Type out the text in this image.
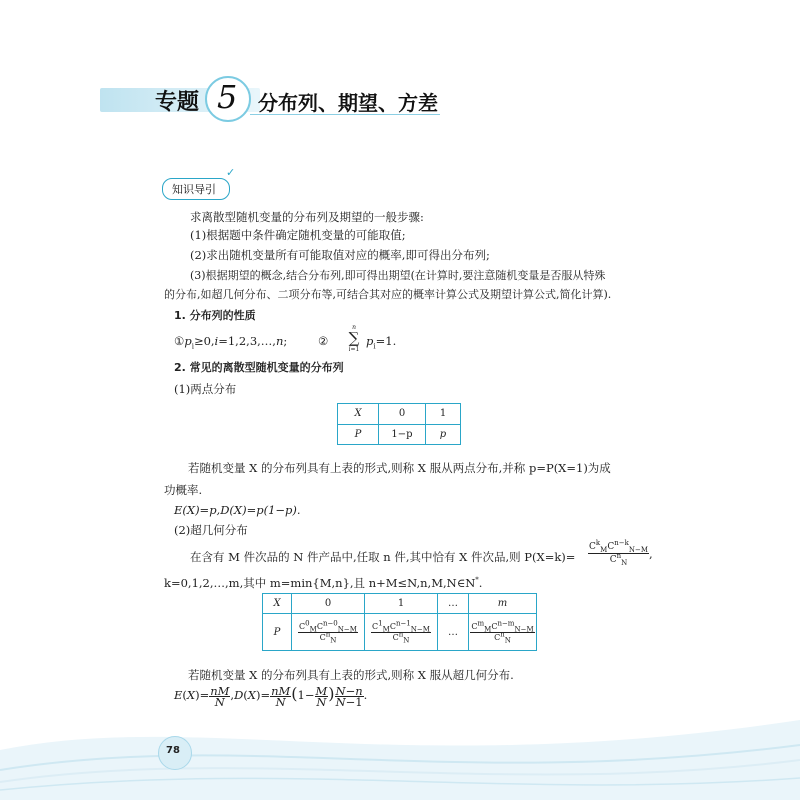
专题 5 分布列、期望、方差
知识导引
✓
求离散型随机变量的分布列及期望的一般步骤:
(1)根据题中条件确定随机变量的可能取值;
(2)求出随机变量所有可能取值对应的概率,即可得出分布列;
(3)根据期望的概念,结合分布列,即可得出期望(在计算时,要注意随机变量是否服从特殊
的分布,如超几何分布、二项分布等,可结合其对应的概率计算公式及期望计算公式,简化计算).
1. 分布列的性质
$①p_i\ge 0,i=1,2,3,\dots,n$;	②
n
∑
i=1
$p_i=1$.
2. 常见的离散型随机变量的分布列
(1)两点分布
X	0	1
P	1−p	p
若随机变量 X 的分布列具有上表的形式,则称 X 服从两点分布,并称 p=P(X=1)为成
功概率.
E(X)=p,D(X)=p(1−p).
(2)超几何分布
在含有 M 件次品的 N 件产品中,任取 n 件,其中恰有 X 件次品,则 $P(X=k)= \frac{C^k_MC^{n-k}_{N-M}}{C^n_N}$ ,
k=0,1,2,…,m,其中 m=min{M,n},且 n+M≤N,n,M,N∈N*.
X	0	1	…	m
P	$\frac{C^0_MC^{n-0}_{N-M}}{C^n_N}$	$\frac{C^1_MC^{n-1}_{N-M}}{C^n_N}$	…	$\frac{C^m_MC^{n-m}_{N-M}}{C^n_N}$
若随机变量 X 的分布列具有上表的形式,则称 X 服从超几何分布.
$E(X)= \frac{nM}{N} ,D(X)= \frac{nM}{N} (1- \frac{M}{N}$ ) $\frac{N-n}{N-1}$ .
78
